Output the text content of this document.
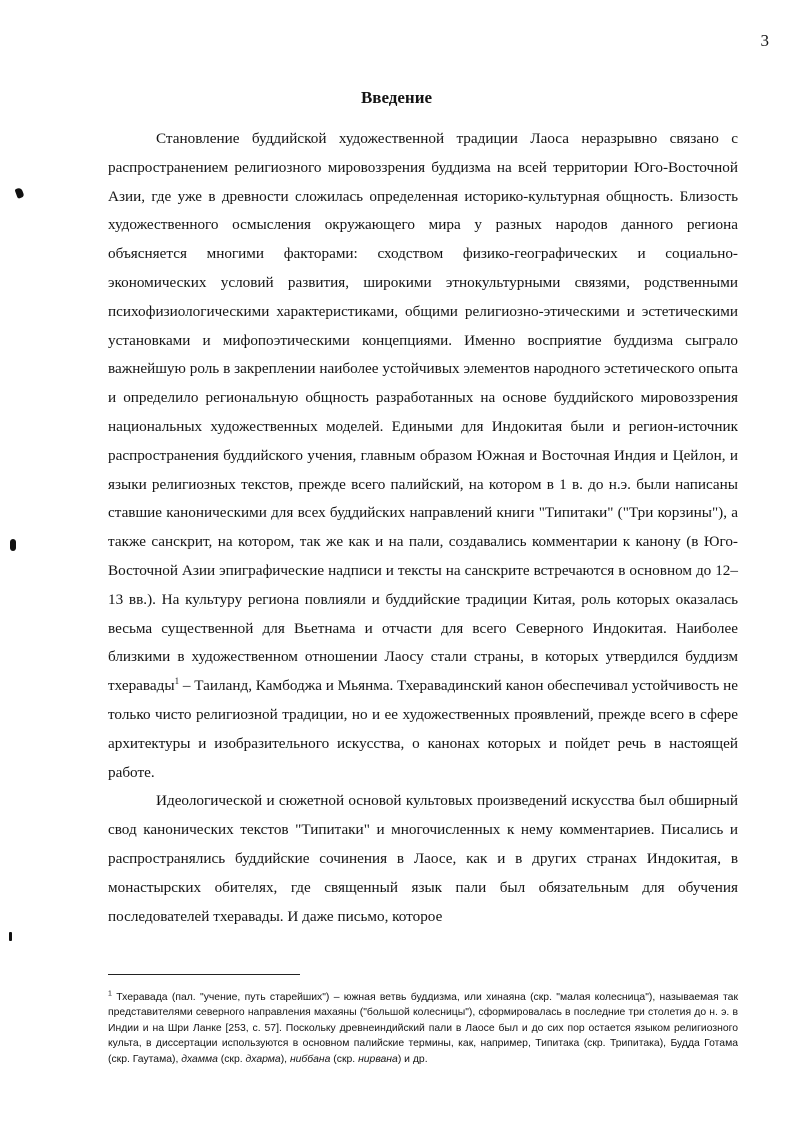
3
Введение

Становление буддийской художественной традиции Лаоса неразрывно связано с распространением религиозного мировоззрения буддизма на всей территории Юго-Восточной Азии, где уже в древности сложилась определенная историко-культурная общность. Близость художественного осмысления окружающего мира у разных народов данного региона объясняется многими факторами: сходством физико-географических и социально-экономических условий развития, широкими этнокультурными связями, родственными психофизиологическими характеристиками, общими религиозно-этическими и эстетическими установками и мифопоэтическими концепциями. Именно восприятие буддизма сыграло важнейшую роль в закреплении наиболее устойчивых элементов народного эстетического опыта и определило региональную общность разработанных на основе буддийского мировоззрения национальных художественных моделей. Едиными для Индокитая были и регион-источник распространения буддийского учения, главным образом Южная и Восточная Индия и Цейлон, и языки религиозных текстов, прежде всего палийский, на котором в 1 в. до н.э. были написаны ставшие каноническими для всех буддийских направлений книги "Типитаки" ("Три корзины"), а также санскрит, на котором, так же как и на пали, создавались комментарии к канону (в Юго-Восточной Азии эпиграфические надписи и тексты на санскрите встречаются в основном до 12–13 вв.). На культуру региона повлияли и буддийские традиции Китая, роль которых оказалась весьма существенной для Вьетнама и отчасти для всего Северного Индокитая. Наиболее близкими в художественном отношении Лаосу стали страны, в которых утвердился буддизм тхеравады$^1$ – Таиланд, Камбоджа и Мьянма. Тхеравадинский канон обеспечивал устойчивость не только чисто религиозной традиции, но и ее художественных проявлений, прежде всего в сфере архитектуры и изобразительного искусства, о канонах которых и пойдет речь в настоящей работе.

Идеологической и сюжетной основой культовых произведений искусства был обширный свод канонических текстов "Типитаки" и многочисленных к нему комментариев. Писались и распространялись буддийские сочинения в Лаосе, как и в других странах Индокитая, в монастырских обителях, где священный язык пали был обязательным для обучения последователей тхеравады. И даже письмо, которое

$^1$ Тхеравада (пал. "учение, путь старейших") – южная ветвь буддизма, или хинаяна (скр. "малая колесница"), называемая так представителями северного направления махаяны ("большой колесницы"), сформировалась в последние три столетия до н. э. в Индии и на Шри Ланке [253, с. 57]. Поскольку древнеиндийский пали в Лаосе был и до сих пор остается языком религиозного культа, в диссертации используются в основном палийские термины, как, например, Типитака (скр. Трипитака), Будда Готама (скр. Гаутама), дхамма (скр. дхарма), ниббана (скр. нирвана) и др.
